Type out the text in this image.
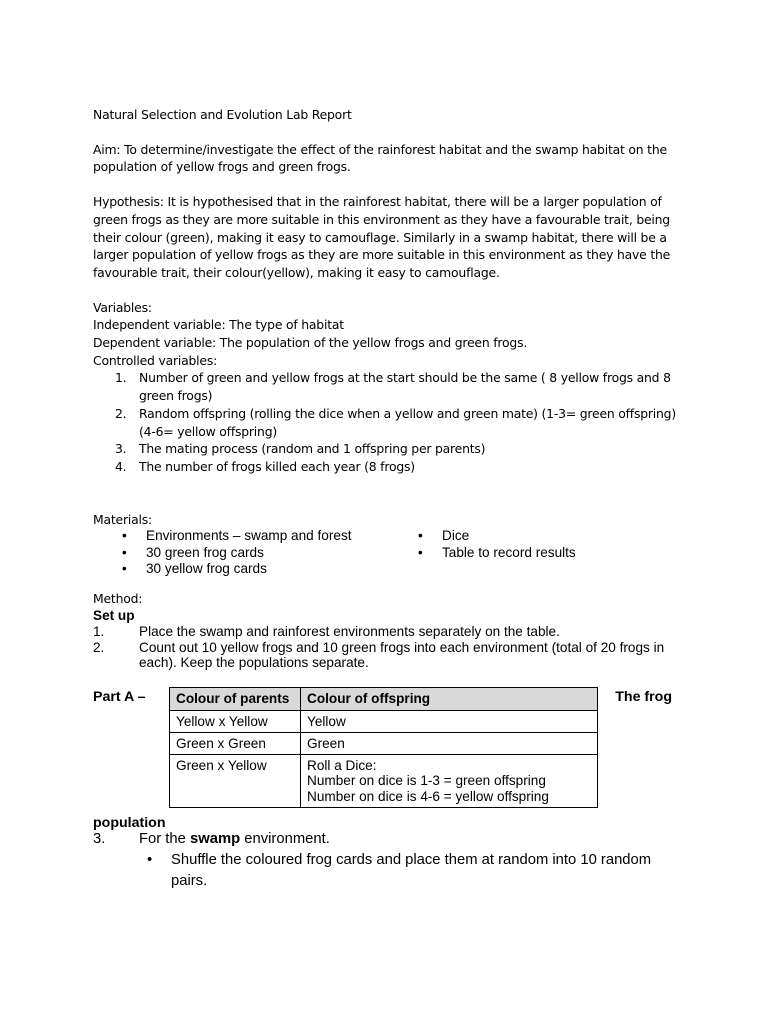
Natural Selection and Evolution Lab Report

Aim: To determine/investigate the effect of the rainforest habitat and the swamp habitat on the population of yellow frogs and green frogs.

Hypothesis: It is hypothesised that in the rainforest habitat, there will be a larger population of green frogs as they are more suitable in this environment as they have a favourable trait, being their colour (green), making it easy to camouflage. Similarly in a swamp habitat, there will be a larger population of yellow frogs as they are more suitable in this environment as they have the favourable trait, their colour(yellow), making it easy to camouflage.

Variables:

Independent variable: The type of habitat

Dependent variable: The population of the yellow frogs and green frogs.

Controlled variables:

1. Number of green and yellow frogs at the start should be the same ( 8 yellow frogs and 8 green frogs)
2. Random offspring (rolling the dice when a yellow and green mate) (1-3= green offspring) (4-6= yellow offspring)
3. The mating process (random and 1 offspring per parents)
4. The number of frogs killed each year (8 frogs)

Materials:

• Environments – swamp and forest
• 30 green frog cards
• 30 yellow frog cards
• Dice
• Table to record results

Method:

Set up

1.	Place the swamp and rainforest environments separately on the table.
2.	Count out 10 yellow frogs and 10 green frogs into each environment (total of 20 frogs in each). Keep the populations separate.
Part A – Colour of parents	Colour of offspring
Yellow x Yellow	Yellow
Green x Green	Green
Green x Yellow	Roll a Dice:
Number on dice is 1-3 = green offspring
Number on dice is 4-6 = yellow offspring
The frog

population

3. For the swamp environment.
• Shuffle the coloured frog cards and place them at random into 10 random pairs.
